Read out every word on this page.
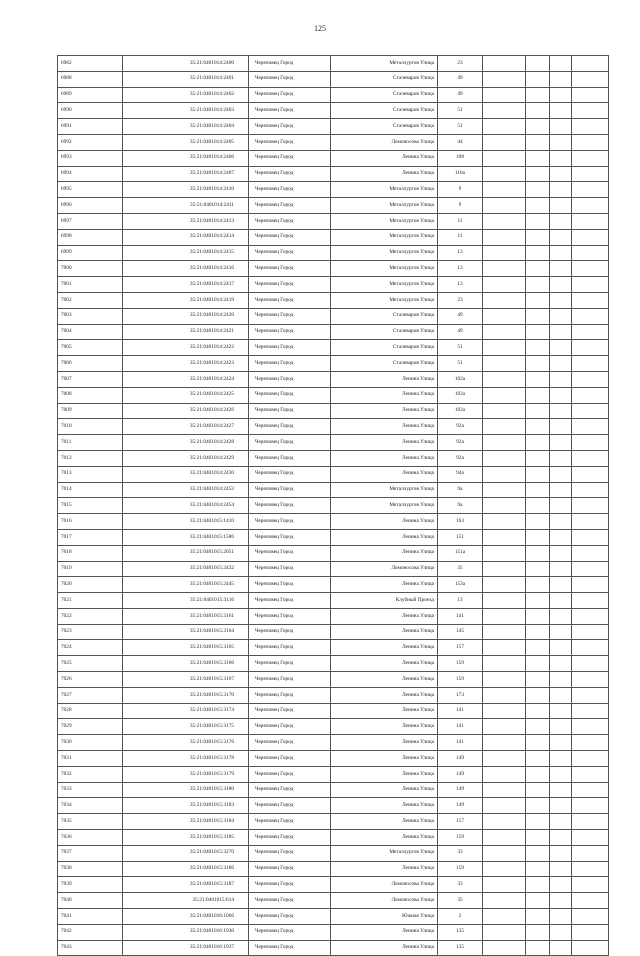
125
6982	35:21:0401014:2400	Череповец Город	Металлургов Улица	23				
6988	35:21:0401014:2401	Череповец Город	Сталеваров Улица	49				
6989	35:21:0401014:2402	Череповец Город	Сталеваров Улица	49				
6990	35:21:0401014:2403	Череповец Город	Сталеваров Улица	51				
6991	35:21:0401014:2404	Череповец Город	Сталеваров Улица	51				
6992	35:21:0401014:2405	Череповец Город	Ломоносова Улица	44				
6993	35:21:0401014:2406	Череповец Город	Ленина Улица	108				
6994	35:21:0401014:2407	Череповец Город	Ленина Улица	110а				
6995	35:21:0401014:2410	Череповец Город	Металлургов Улица	9				
6996	35:21:0401014:2411	Череповец Город	Металлургов Улица	9				
6997	35:21:0401014:2413	Череповец Город	Металлургов Улица	11				
6998	35:21:0401014:2414	Череповец Город	Металлургов Улица	11				
6999	35:21:0401014:2415	Череповец Город	Металлургов Улица	13				
7000	35:21:0401014:2416	Череповец Город	Металлургов Улица	13				
7001	35:21:0401014:2417	Череповец Город	Металлургов Улица	13				
7002	35:21:0401014:2419	Череповец Город	Металлургов Улица	23				
7003	35:21:0401014:2420	Череповец Город	Сталеваров Улица	49				
7004	35:21:0401014:2421	Череповец Город	Сталеваров Улица	49				
7005	35:21:0401014:2422	Череповец Город	Сталеваров Улица	51				
7006	35:21:0401014:2423	Череповец Город	Сталеваров Улица	51				
7007	35:21:0401014:2424	Череповец Город	Ленина Улица	102а				
7008	35:21:0401014:2425	Череповец Город	Ленина Улица	102а				
7009	35:21:0401014:2426	Череповец Город	Ленина Улица	102а				
7010	35:21:0401014:2427	Череповец Город	Ленина Улица	92а				
7011	35:21:0401014:2428	Череповец Город	Ленина Улица	92а				
7012	35:21:0401014:2429	Череповец Город	Ленина Улица	92а				
7013	35:21:0401014:2430	Череповец Город	Ленина Улица	94а				
7014	35:21:0401014:2453	Череповец Город	Металлургов Улица	9а				
7015	35:21:0401014:2454	Череповец Город	Металлургов Улица	9а				
7016	35:21:0401015:1410	Череповец Город	Ленина Улица	163				
7017	35:21:0401015:1586	Череповец Город	Ленина Улица	151				
7018	35:21:0401015:2051	Череповец Город	Ленина Улица	151а				
7019	35:21:0401015:2432	Череповец Город	Ломоносова Улица	35				
7020	35:21:0401015:2445	Череповец Город	Ленина Улица	153а				
7021	35:21:0401015:3116	Череповец Город	Клубный Проезд	13				
7022	35:21:0401015:3161	Череповец Город	Ленина Улица	141				
7023	35:21:0401015:3164	Череповец Город	Ленина Улица	145				
7024	35:21:0401015:3165	Череповец Город	Ленина Улица	157				
7025	35:21:0401015:3166	Череповец Город	Ленина Улица	159				
7026	35:21:0401015:3167	Череповец Город	Ленина Улица	159				
7027	35:21:0401015:3170	Череповец Город	Ленина Улица	173				
7028	35:21:0401015:3174	Череповец Город	Ленина Улица	141				
7029	35:21:0401015:3175	Череповец Город	Ленина Улица	141				
7030	35:21:0401015:3176	Череповец Город	Ленина Улица	141				
7031	35:21:0401015:3178	Череповец Город	Ленина Улица	149				
7032	35:21:0401015:3179	Череповец Город	Ленина Улица	149				
7033	35:21:0401015:3180	Череповец Город	Ленина Улица	149				
7034	35:21:0401015:3183	Череповец Город	Ленина Улица	149				
7035	35:21:0401015:3184	Череповец Город	Ленина Улица	157				
7036	35:21:0401015:3185	Череповец Город	Ленина Улица	159				
7037	35:21:0401015:3270	Череповец Город	Металлургов Улица	33				
7038	35:21:0401015:3186	Череповец Город	Ленина Улица	159				
7039	35:21:0401015:3187	Череповец Город	Ломоносова Улица	33				
7040	35:21:0401015:614	Череповец Город	Ломоносова Улица	35				
7041	35:21:0401016:1066	Череповец Город	Южная Улица	2				
7042	35:21:0401016:1930	Череповец Город	Ленина Улица	135				
7043	35:21:0401016:1937	Череповец Город	Ленина Улица	135				
